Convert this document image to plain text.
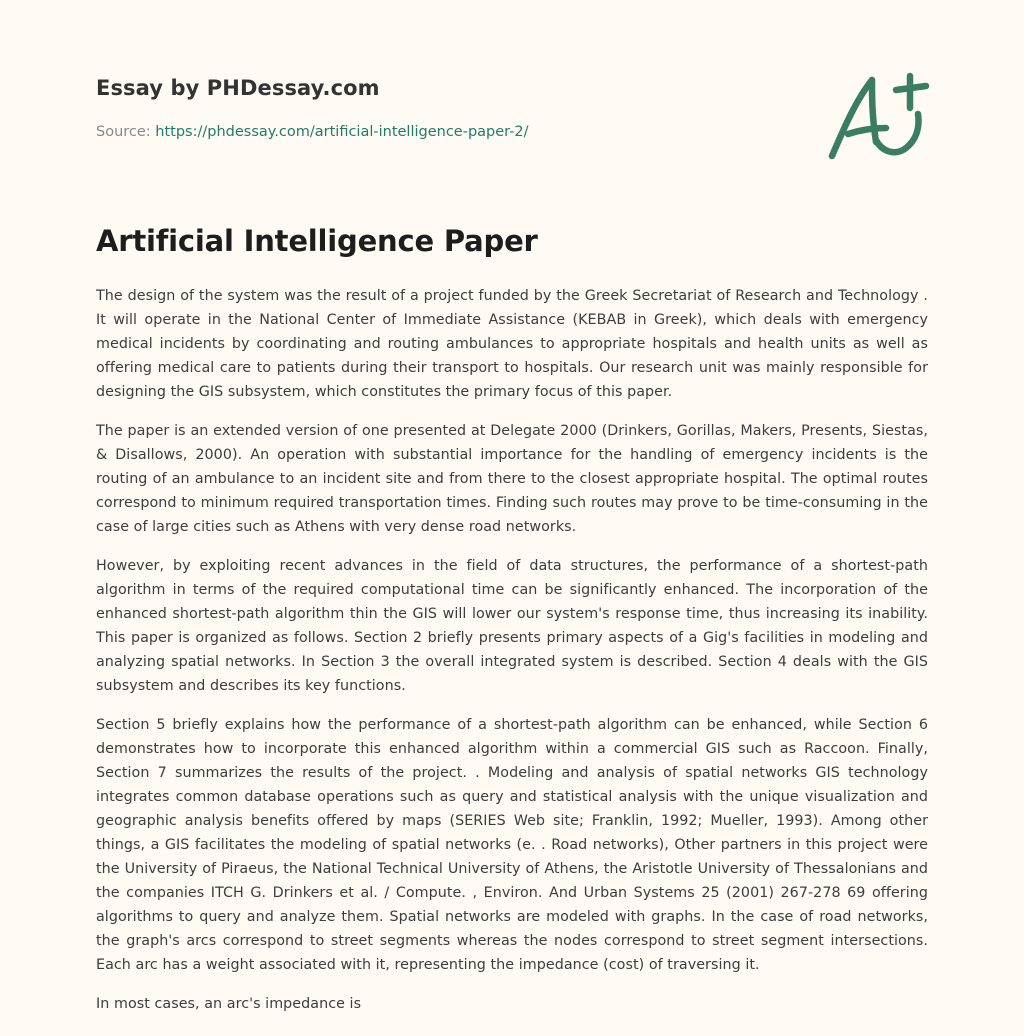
Essay by PHDessay.com
Source: https://phdessay.com/artificial-intelligence-paper-2/
Artificial Intelligence Paper

The design of the system was the result of a project funded by the Greek Secretariat of Research and Technology . It will operate in the National Center of Immediate Assistance (KEBAB in Greek), which deals with emergency medical incidents by coordinating and routing ambulances to appropriate hospitals and health units as well as offering medical care to patients during their transport to hospitals. Our research unit was mainly responsible for designing the GIS subsystem, which constitutes the primary focus of this paper.

The paper is an extended version of one presented at Delegate 2000 (Drinkers, Gorillas, Makers, Presents, Siestas, & Disallows, 2000). An operation with substantial importance for the handling of emergency incidents is the routing of an ambulance to an incident site and from there to the closest appropriate hospital. The optimal routes correspond to minimum required transportation times. Finding such routes may prove to be time-consuming in the case of large cities such as Athens with very dense road networks.

However, by exploiting recent advances in the field of data structures, the performance of a shortest-path algorithm in terms of the required computational time can be significantly enhanced. The incorporation of the enhanced shortest-path algorithm thin the GIS will lower our system's response time, thus increasing its inability. This paper is organized as follows. Section 2 briefly presents primary aspects of a Gig's facilities in modeling and analyzing spatial networks. In Section 3 the overall integrated system is described. Section 4 deals with the GIS subsystem and describes its key functions.

Section 5 briefly explains how the performance of a shortest-path algorithm can be enhanced, while Section 6 demonstrates how to incorporate this enhanced algorithm within a commercial GIS such as Raccoon. Finally, Section 7 summarizes the results of the project. . Modeling and analysis of spatial networks GIS technology integrates common database operations such as query and statistical analysis with the unique visualization and geographic analysis benefits offered by maps (SERIES Web site; Franklin, 1992; Mueller, 1993). Among other things, a GIS facilitates the modeling of spatial networks (e. . Road networks), Other partners in this project were the University of Piraeus, the National Technical University of Athens, the Aristotle University of Thessalonians and the companies ITCH G. Drinkers et al. / Compute. , Environ. And Urban Systems 25 (2001) 267-278 69 offering algorithms to query and analyze them. Spatial networks are modeled with graphs. In the case of road networks, the graph's arcs correspond to street segments whereas the nodes correspond to street segment intersections. Each arc has a weight associated with it, representing the impedance (cost) of traversing it.

In most cases, an arc's impedance is
